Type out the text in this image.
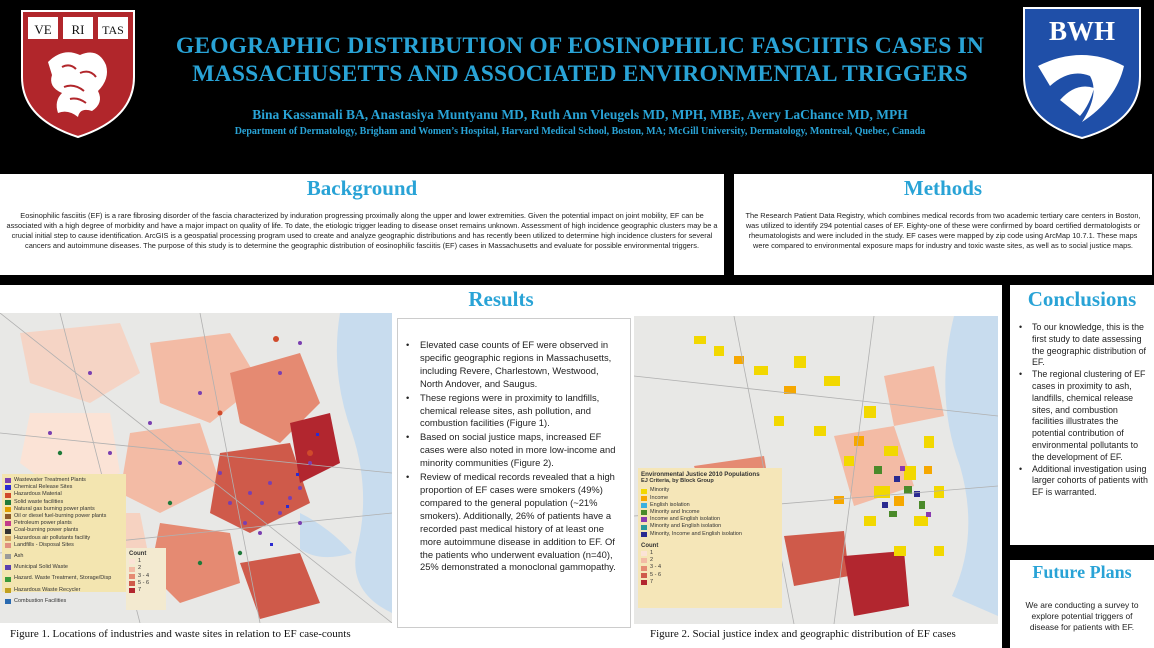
VE RI TAS
GEOGRAPHIC DISTRIBUTION OF EOSINOPHILIC FASCIITIS CASES IN
MASSACHUSETTS AND ASSOCIATED ENVIRONMENTAL TRIGGERS
Bina Kassamali BA, Anastasiya Muntyanu MD, Ruth Ann Vleugels MD, MPH, MBE, Avery LaChance MD, MPH
Department of Dermatology, Brigham and Women’s Hospital, Harvard Medical School, Boston, MA; McGill University, Dermatology, Montreal, Quebec, Canada
BWH
Background
Eosinophilic fasciitis (EF) is a rare fibrosing disorder of the fascia characterized by induration progressing proximally along the upper and lower extremities. Given the potential impact on joint mobility, EF can be associated with a high degree of morbidity and have a major impact on quality of life. To date, the etiologic trigger leading to disease onset remains unknown. Assessment of high incidence geographic clusters may be a crucial initial step to cause identification. ArcGIS is a geospatial processing program used to create and analyze geographic distributions and has recently been utilized to determine high incidence clusters for several cancers and autoimmune diseases. The purpose of this study is to determine the geographic distribution of eosinophilic fasciitis (EF) cases in Massachusetts and evaluate for possible environmental triggers.
Methods
The Research Patient Data Registry, which combines medical records from two academic tertiary care centers in Boston, was utilized to identify 294 potential cases of EF. Eighty-one of these were confirmed by board certified dermatologists or rheumatologists and were included in the study. EF cases were mapped by zip code using ArcMap 10.7.1. These maps were compared to environmental exposure maps for industry and toxic waste sites, as well as to social justice maps.
Results
Wastewater Treatment Plants
Chemical Release Sites
Hazardous Material
Solid waste facilities
Natural gas burning power plants
Oil or diesel fuel-burning power plants
Petroleum power plants
Coal-burning power plants
Hazardous air pollutants facility
Landfills - Disposal Sites
Ash
Municipal Solid Waste
Hazard. Waste Treatment, Storage/Disp
Hazardous Waste Recycler
Combustion Facilities
Count
1
2
3 - 4
5 - 6
7
Figure 1. Locations of industries and waste sites in relation to EF case-counts
• Elevated case counts of EF were observed in specific geographic regions in Massachusetts, including Revere, Charlestown, Westwood, North Andover, and Saugus.
• These regions were in proximity to landfills, chemical release sites, ash pollution, and combustion facilities (Figure 1).
• Based on social justice maps, increased EF cases were also noted in more low-income and minority communities (Figure 2).
• Review of medical records revealed that a high proportion of EF cases were smokers (49%) compared to the general population (~21% smokers). Additionally, 26% of patients have a recorded past medical history of at least one more autoimmune disease in addition to EF. Of the patients who underwent evaluation (n=40), 25% demonstrated a monoclonal gammopathy.
Environmental Justice 2010 Populations
EJ Criteria, by Block Group
Minority
Income
English isolation
Minority and Income
Income and English isolation
Minority and English isolation
Minority, Income and English isolation
Count
1
2
3 - 4
5 - 6
7
Figure 2. Social justice index and geographic distribution of EF cases
Conclusions
• To our knowledge, this is the first study to date assessing the geographic distribution of EF.
• The regional clustering of EF cases in proximity to ash, landfills, chemical release sites, and combustion facilities illustrates the potential contribution of environmental pollutants to the development of EF.
• Additional investigation using larger cohorts of patients with EF is warranted.
Future Plans
We are conducting a survey to explore potential triggers of disease for patients with EF.
